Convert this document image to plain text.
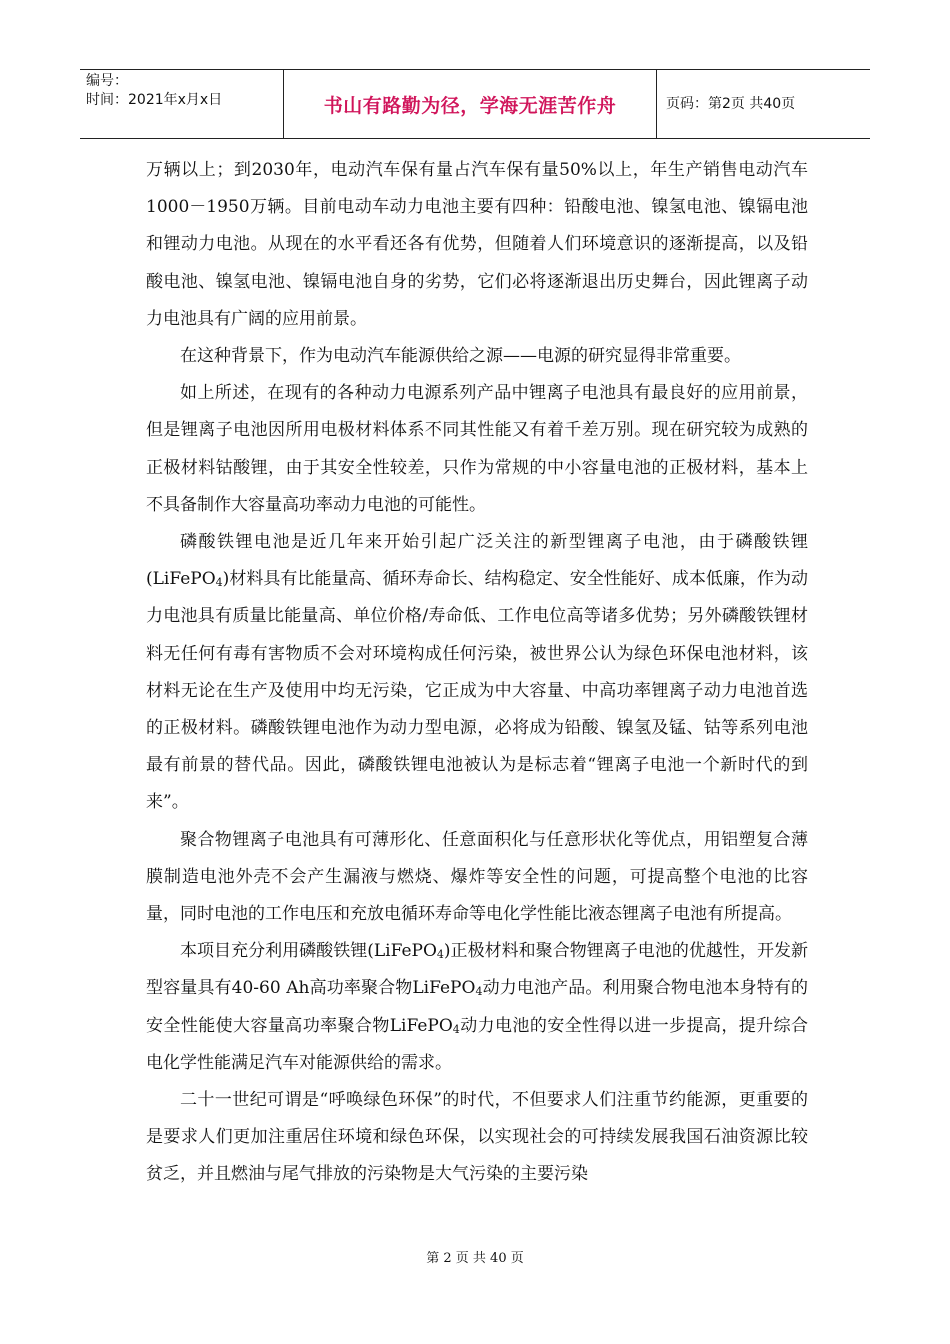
编号：
时间：2021年x月x日	书山有路勤为径，学海无涯苦作舟	页码：第2页 共40页

万辆以上；到2030年，电动汽车保有量占汽车保有量50%以上，年生产销售电动汽车1000－1950万辆。目前电动车动力电池主要有四种：铅酸电池、镍氢电池、镍镉电池和锂动力电池。从现在的水平看还各有优势，但随着人们环境意识的逐渐提高，以及铅酸电池、镍氢电池、镍镉电池自身的劣势，它们必将逐渐退出历史舞台，因此锂离子动力电池具有广阔的应用前景。

在这种背景下，作为电动汽车能源供给之源——电源的研究显得非常重要。

如上所述，在现有的各种动力电源系列产品中锂离子电池具有最良好的应用前景，但是锂离子电池因所用电极材料体系不同其性能又有着千差万别。现在研究较为成熟的正极材料钴酸锂，由于其安全性较差，只作为常规的中小容量电池的正极材料，基本上不具备制作大容量高功率动力电池的可能性。

磷酸铁锂电池是近几年来开始引起广泛关注的新型锂离子电池，由于磷酸铁锂(LiFePO$_4$)材料具有比能量高、循环寿命长、结构稳定、安全性能好、成本低廉，作为动力电池具有质量比能量高、单位价格/寿命低、工作电位高等诸多优势；另外磷酸铁锂材料无任何有毒有害物质不会对环境构成任何污染，被世界公认为绿色环保电池材料，该材料无论在生产及使用中均无污染，它正成为中大容量、中高功率锂离子动力电池首选的正极材料。磷酸铁锂电池作为动力型电源，必将成为铅酸、镍氢及锰、钴等系列电池最有前景的替代品。因此，磷酸铁锂电池被认为是标志着“锂离子电池一个新时代的到来”。

聚合物锂离子电池具有可薄形化、任意面积化与任意形状化等优点，用铝塑复合薄膜制造电池外壳不会产生漏液与燃烧、爆炸等安全性的问题，可提高整个电池的比容量，同时电池的工作电压和充放电循环寿命等电化学性能比液态锂离子电池有所提高。

本项目充分利用磷酸铁锂(LiFePO$_4$)正极材料和聚合物锂离子电池的优越性，开发新型容量具有40-60 Ah高功率聚合物LiFePO$_4$动力电池产品。利用聚合物电池本身特有的安全性能使大容量高功率聚合物LiFePO$_4$动力电池的安全性得以进一步提高，提升综合电化学性能满足汽车对能源供给的需求。

二十一世纪可谓是“呼唤绿色环保”的时代，不但要求人们注重节约能源，更重要的是要求人们更加注重居住环境和绿色环保，以实现社会的可持续发展我国石油资源比较贫乏，并且燃油与尾气排放的污染物是大气污染的主要污染

第 2 页 共 40 页
